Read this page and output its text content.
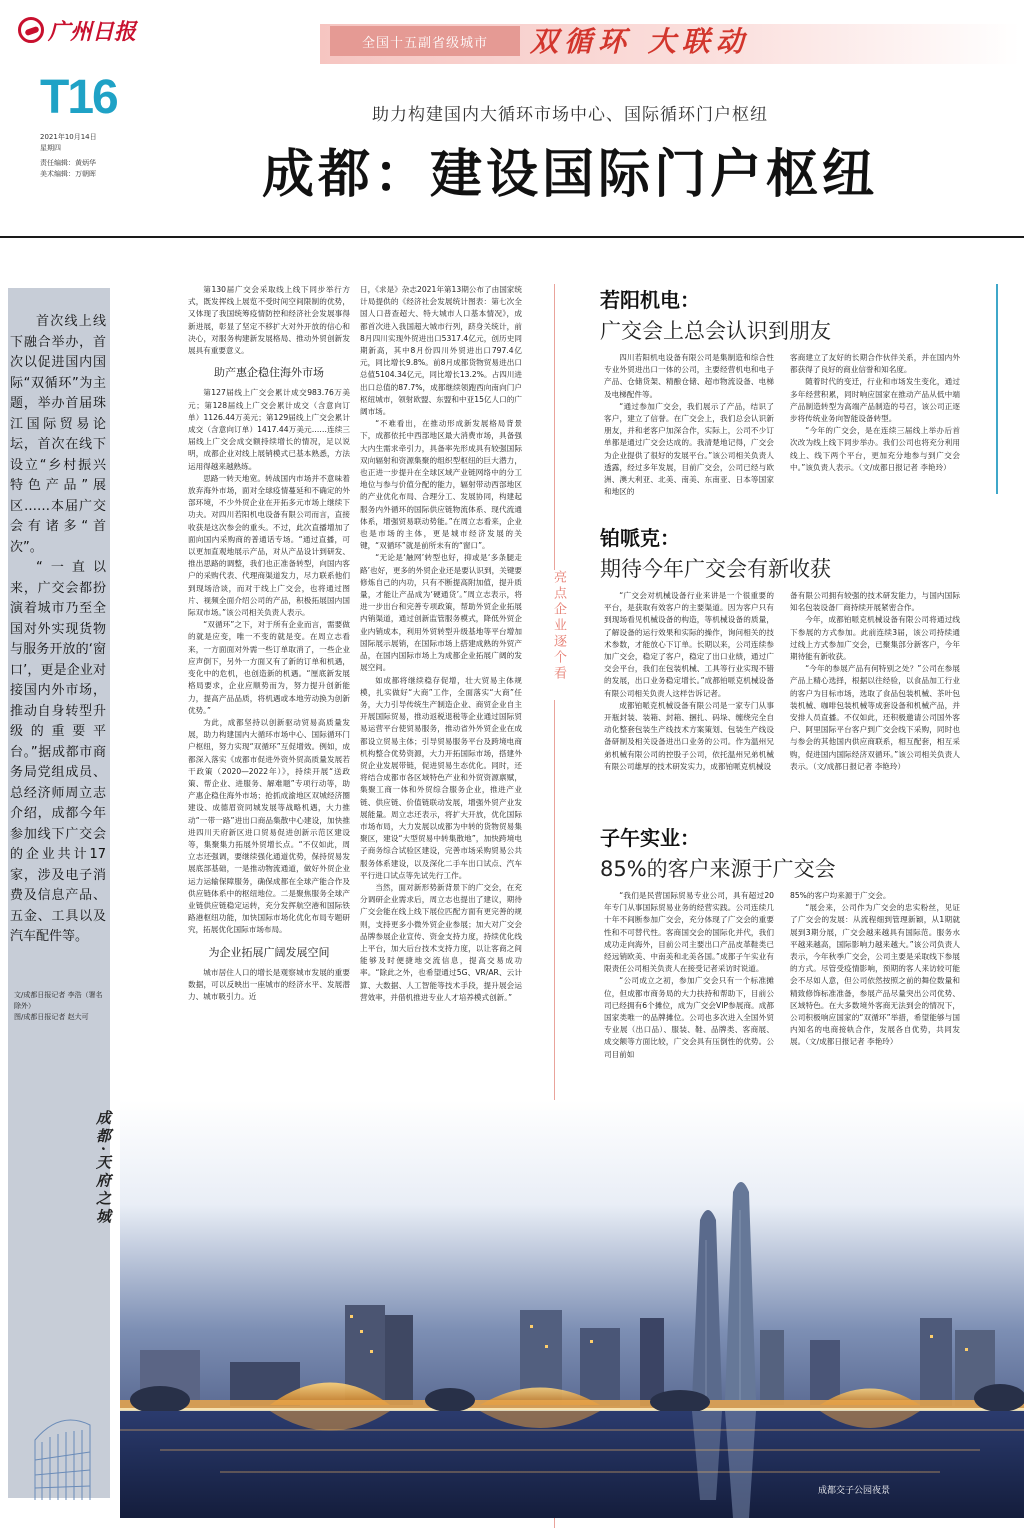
广州日报	全国十五副省级城市	双循环 大联动
T16
2021年10月14日
星期四
责任编辑：黄炳华
美术编辑：万朝晖
助力构建国内大循环市场中心、国际循环门户枢纽
成都：建设国际门户枢纽

首次线上线下融合举办，首次以促进国内国际“双循环”为主题，举办首届珠江国际贸易论坛，首次在线下设立“乡村振兴特色产品”展区……本届广交会有诸多“首次”。

“一直以来，广交会都扮演着城市乃至全国对外实现货物与服务开放的‘窗口’，更是企业对接国内外市场，推动自身转型升级的重要平台。”据成都市商务局党组成员、总经济师周立志介绍，成都今年参加线下广交会的企业共计17家，涉及电子消费及信息产品、五金、工具以及汽车配件等。

文/成都日报记者 李浩（署名除外）
图/成都日报记者 赵大可
成都·天府之城

第130届广交会采取线上线下同步举行方式，既发挥线上展览不受时间空间限制的优势，又体现了我国统筹疫情防控和经济社会发展事得新进展，彰显了坚定不移扩大对外开放的信心和决心，对服务构建新发展格局、推动外贸创新发展具有重要意义。

助产惠企稳住海外市场

第127届线上广交会累计成交983.76万美元；第128届线上广交会累计成交（含意向订单）1126.44万美元；第129届线上广交会累计成交（含意向订单）1417.44万美元……连续三届线上广交会成交额持续增长的情况，足以说明，成都企业对线上展销模式已基本熟悉，方法运用得越来越熟练。

思路一转天地宽。转战国内市场并不意味着放弃海外市场，面对全球疫情蔓延和不确定的外部环境，不少外贸企业在开拓多元市场上继续下功夫。对四川若阳机电设备有限公司而言，直接收获是这次参会的重头。不过，此次直播增加了面向国内采购商的普通话专场。“通过直播，可以更加直观地展示产品，对从产品设计到研发、推出思路的调整，我们也正准备转型，向国内客户的采购代表、代理商渠道发力，尽力联系他们到现场洽谈，而对于线上广交会，也将通过图片、视频全面介绍公司的产品，积极拓展国内国际双市场。”该公司相关负责人表示。

“双循环”之下，对于所有企业而言，需要做的就是应变，唯一不变的就是变。在周立志看来，一方面面对外需一些订单取消了，一些企业应声倒下，另外一方面又有了新的订单和机遇，变化中的危机，也创造新的机遇。“厘底新发展格局要求，企业应顺势而为，努力提升创新能力，提高产品品质，将机遇或本地劳动换为创新优势。”

为此，成都坚持以创新驱动贸易高质量发展，助力构建国内大循环市场中心、国际循环门户枢纽，努力实现“双循环”互促增效。例如，成都深入落实《成都市促进外资外贸高质量发展若干政策（2020—2022年）》，持续开展“送政策、帮企业、进服务、解难题”专项行动等，助产惠企稳住海外市场；抢抓成渝地区双城经济圈建设、成德眉资同城发展等战略机遇，大力推动“一带一路”进出口商品集散中心建设，加快推进四川天府新区进口贸易促进创新示范区建设等，集聚集力拓展外贸增长点。“不仅如此，周立志还强调，要继续强化通道优势，保持贸易发展底部基础，一是推动物流通道，做好外贸企业运力运输保障服务，确保成都在全球产能合作及供应链体系中的枢纽地位。二是聚焦服务全球产业链供应链稳定运转，充分发挥航空港和国际铁路港枢纽功能，加快国际市场化优化布局专题研究，拓展优化国际市场布局。

为企业拓展广阔发展空间

城市居住人口的增长是观察城市发展的重要数据，可以反映出一座城市的经济水平、发展潜力、城市吸引力。近

日，《求是》杂志2021年第13期公布了由国家统计局提供的《经济社会发展统计图表：第七次全国人口普查超大、特大城市人口基本情况》，成都首次进入我国超大城市行列，跻身关统计，前8月四川实现外贸进出口5317.4亿元，创历史同期新高，其中8月份四川外贸进出口797.4亿元，同比增长9.8%。前8月成都货物贸易进出口总值5104.34亿元，同比增长13.2%。占四川进出口总值的87.7%，成都继续领跑西向南向门户枢纽城市，领射欧盟、东盟和中亚15亿人口的广阔市场。

“不难看出，在推动形成新发展格局背景下，成都依托中西部地区最大消费市场，具备强大内生需求牵引力，具备率先形成具有较强国际双向辐射和资源集聚的组织型枢纽的巨大潜力，也正进一步提升在全球区域产业链网络中的分工地位与参与价值分配的能力，辐射带动西部地区的产业优化布局、合理分工、发展协同，构建起服务内外循环的国际供应链物流体系、现代流通体系，增强贸易联动势能。”在周立志看来，企业也是市场的主体，更是城市经济发展的关键，“双循环”就是前所未有的“窗口”。

“无论是‘触网’转型也好，抑或是‘多条腿走路’也好，更多的外贸企业还是要认识到，关键要修炼自己的内功，只有不断提高附加值，提升质量，才能让产品成为‘硬通货’。”周立志表示，将进一步出台和完善专项政策，帮助外贸企业拓展内销渠道，通过创新监管服务模式，降低外贸企业内销成本，利用外贸转型升级基地等平台增加国际展示展销，在国际市场上搭建成熟的外贸产品，在国内国际市场上为成都企业拓展广阔的发展空间。

如成都将继续稳存促增，壮大贸易主体规模，扎实做好“大商”工作，全面落实“大商”任务，大力引导传统生产制造企业、商贸企业自主开展国际贸易，推动返税退税等企业通过国际贸易运营平台使贸易服务，推动省外外贸企业在成都设立贸易主体；引导贸易服务平台及跨境电商机构整合优势资源，大力开拓国际市场，搭建外贸企业发展带链，促进贸易生态优化。同时，还将结合成都市各区域特色产业和外贸资源禀赋，集聚工商一体和外贸综合服务企业，推进产业链、供应链、价值链联动发展，增强外贸产业发展能量。周立志还表示，将扩大开放，优化国际市场布局，大力发展以成都为中转的货物贸易集聚区，建设“大型贸易中转集散地”，加快跨境电子商务综合试验区建设，完善市场采购贸易公共服务体系建设，以及深化二手车出口试点、汽车平行进口试点等先试先行工作。

当然，面对新形势新背景下的广交会，在充分调研企业需求后，周立志也提出了建议，期待广交会能在线上线下展位匹配方面有更完善的规则，支持更多小微外贸企业参展；加大对广交会品牌参展企业宣传、资金支持力度，持续优化线上平台，加大后台技术支持力度，以让客商之间能够及时便捷地交流信息，提高交易成功率。“除此之外，也希望通过5G、VR/AR、云计算、大数据、人工智能等技术手段，提升展会运营效率，并借机推进专业人才培养模式创新。”

亮点企业逐个看
若阳机电：
广交会上总会认识到朋友

四川若阳机电设备有限公司是集制造和综合性专业外贸进出口一体的公司，主要经营机电和电子产品、仓储货架、精酿仓储、超市物流设备、电梯及电梯配件等。

“通过参加广交会，我们展示了产品，结识了客户，建立了信誉。在广交会上，我们总会认识新朋友，并和老客户加深合作，实际上，公司不少订单都是通过广交会达成的。我清楚地记得，广交会为企业提供了很好的发展平台。”该公司相关负责人透露，经过多年发展，目前广交会，公司已经与欧洲、澳大利亚、北美、南美、东南亚、日本等国家和地区的

客商建立了友好的长期合作伙伴关系，并在国内外都获得了良好的商业信誉和知名度。

随着时代的变迁，行业和市场发生变化，通过多年经营积累，同时响应国家在推动产品从低中端产品制造转型为高端产品制造的号召，该公司正逐步将传统业务向智能设备转型。

“今年的广交会，是在连续三届线上举办后首次改为线上线下同步举办。我们公司也将充分利用线上、线下两个平台，更加充分地参与到广交会中。”该负责人表示。（文/成都日报记者 李艳玲）

铂哌克：
期待今年广交会有新收获

“广交会对机械设备行业来讲是一个很重要的平台，是获取有效客户的主要渠道。因为客户只有到现场看见机械设备的构造，等机械设备的质量，了解设备的运行效果和实际的操作，询问相关的技术参数，才能放心下订单。长期以来，公司连续参加广交会，稳定了客户，稳定了出口业绩，通过广交会平台，我们在包装机械、工具等行业实现不错的发展，出口业务稳定增长。”成都铂哌克机械设备有限公司相关负责人这样告诉记者。

成都铂哌克机械设备有限公司是一家专门从事开瓶封装、装箱、封箱、捆扎、码垛、缠绕完全自动化整套包装生产线技术方案策划、包装生产线设备研制及相关设备进出口业务的公司。作为温州兄弟机械有限公司的控股子公司，依托温州兄弟机械有限公司雄厚的技术研发实力，成都铂哌克机械设

备有限公司拥有较强的技术研发能力，与国内国际知名包装设备厂商持续开展紧密合作。

今年，成都铂哌克机械设备有限公司将通过线下参展的方式参加。此前连续3届，该公司持续通过线上方式参加广交会，已聚集部分新客户，今年期待能有新收获。

“今年的参展产品有何特别之处？”公司在参展产品上精心选择，根据以往经验，以食品加工行业的客户为目标市场，选取了食品包装机械、茶叶包装机械、咖啡包装机械等成套设备和机械产品，并安排人员直播。不仅如此，还积极邀请公司国外客户、阿里国际平台客户到广交会线下采购，同时也与参会的其他国内供应商联系，相互配套，相互采购，促进国内国际经济双循环。”该公司相关负责人表示。（文/成都日报记者 李艳玲）

子午实业：
85%的客户来源于广交会

“我们是民营国际贸易专业公司，具有超过20年专门从事国际贸易业务的经营实践。公司连续几十年不间断参加广交会，充分体现了广交会的重要性和不可替代性。客商国交会的国际化并代，我们成功走向海外，目前公司主要出口产品皮革鞋类已经远销欧美、中南美和北美各国。”成都子午实业有限责任公司相关负责人在接受记者采访时说道。

“公司成立之初，参加广交会只有一个标准摊位，但成都市商务局的大力扶持和帮助下，目前公司已经拥有6个摊位，成为广交会VIP参展商。成都国家类唯一的品牌摊位。公司也多次进入全国外贸专业展（出口品）、服装、鞋、品牌类、客商展、成交额等方面比较，广交会具有压倒性的优势。公司目前如

85%的客户均来源于广交会。

“展会来，公司作为广交会的忠实粉丝，见证了广交会的发展：从流程细到管理新颖，从1期就展到3期分展，广交会越来越具有国际范。服务水平越来越高，国际影响力越来越大。”该公司负责人表示，今年秋季广交会，公司主要是采取线下参展的方式。尽管受疫情影响，预期的客人来访较可能会不尽如人意，但公司依然按照之前的舞位数量和精致修饰标准准备，参展产品尽量突出公司优势、区域特色。在大多数境外客商无法到会的情况下，公司积极响应国家的“双循环”举措，希望能够与国内知名的电商接轨合作，发展各自优势，共同发展。（文/成都日报记者 李艳玲）

成都交子公园夜景
